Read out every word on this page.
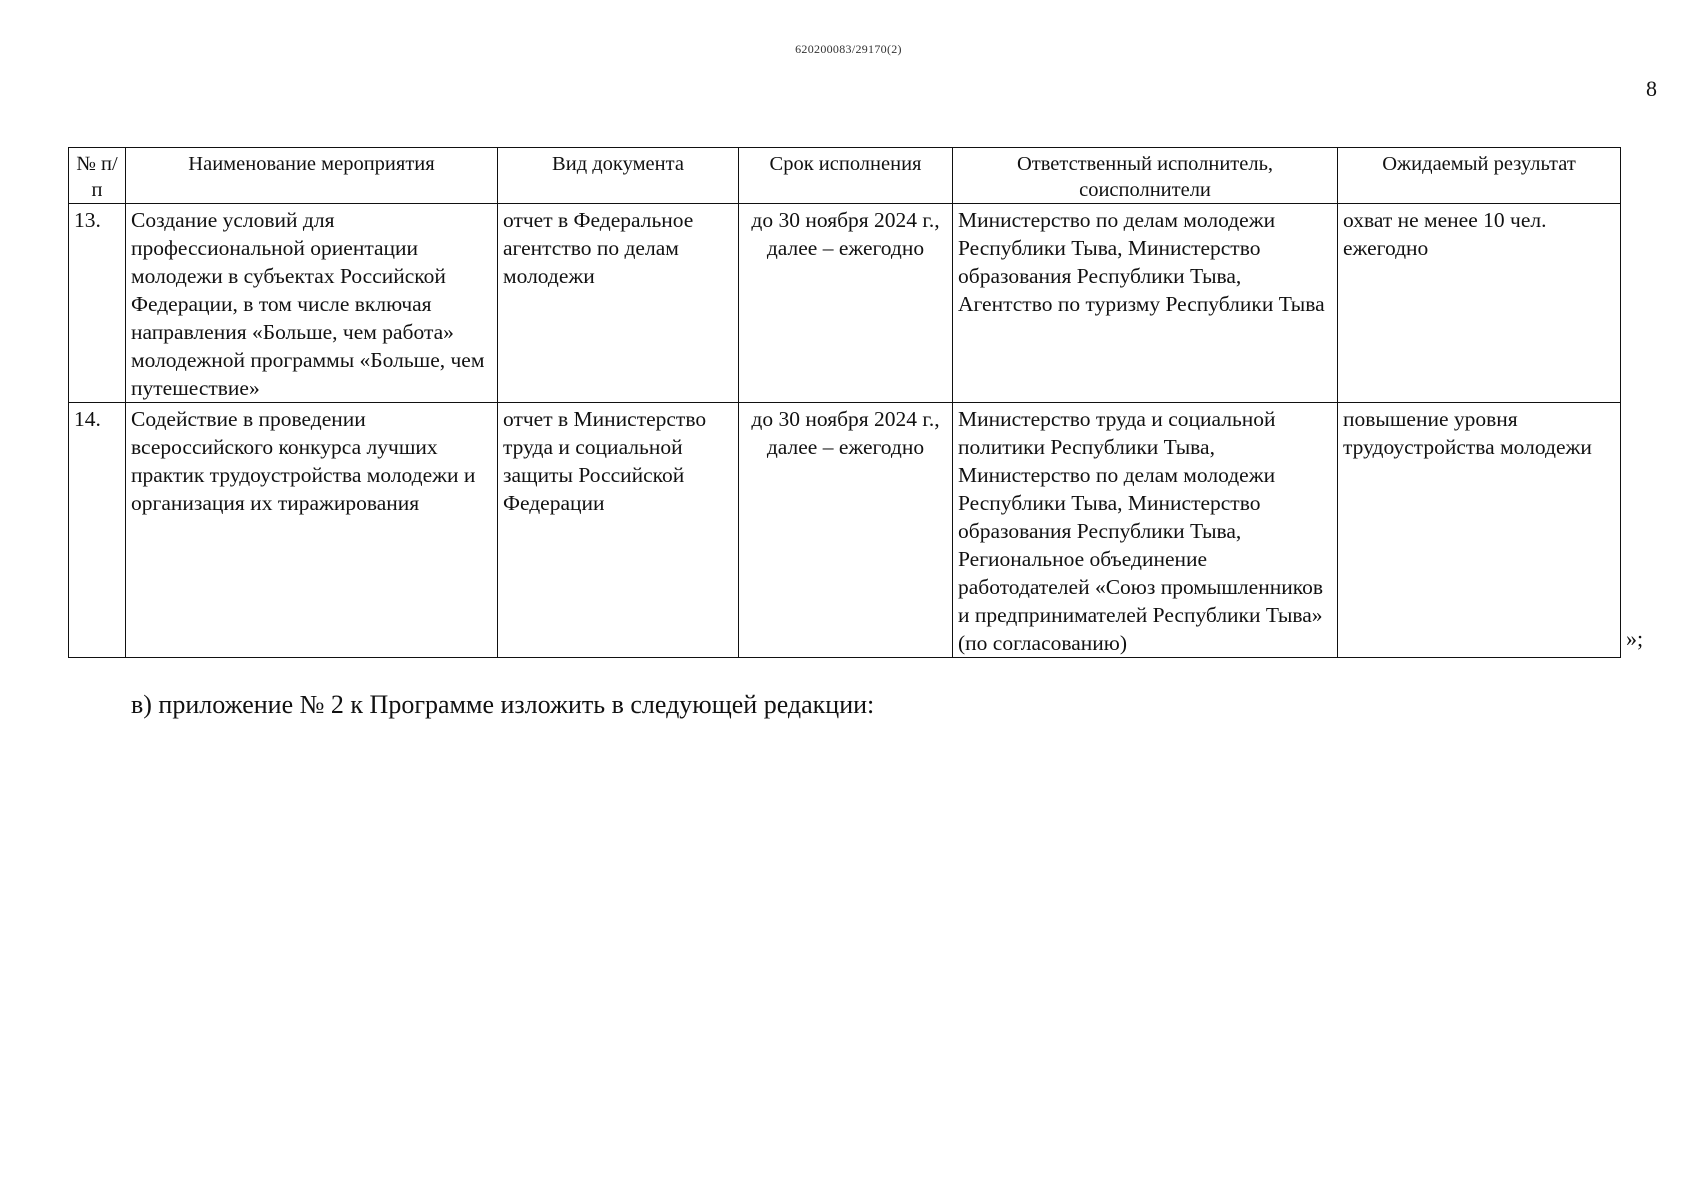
620200083/29170(2)
8
№ п/п	Наименование мероприятия	Вид документа	Срок исполнения	Ответственный исполнитель, соисполнители	Ожидаемый результат
13.	Создание условий для профессиональной ориентации молодежи в субъектах Российской Федерации, в том числе включая направления «Больше, чем работа» молодежной программы «Больше, чем путешествие»	отчет в Федеральное агентство по делам молодежи	до 30 ноября 2024 г., далее – ежегодно	Министерство по делам молодежи Республики Тыва, Министерство образования Республики Тыва, Агентство по туризму Республики Тыва	охват не менее 10 чел. ежегодно
14.	Содействие в проведении всероссийского конкурса лучших практик трудоустройства молодежи и организация их тиражирования	отчет в Министерство труда и социальной защиты Российской Федерации	до 30 ноября 2024 г., далее – ежегодно	Министерство труда и социальной политики Республики Тыва, Министерство по делам молодежи Республики Тыва, Министерство образования Республики Тыва, Региональное объединение работодателей «Союз промышленников и предпринимателей Республики Тыва» (по согласованию)	повышение уровня трудоустройства молодежи
»;
в) приложение № 2 к Программе изложить в следующей редакции:
